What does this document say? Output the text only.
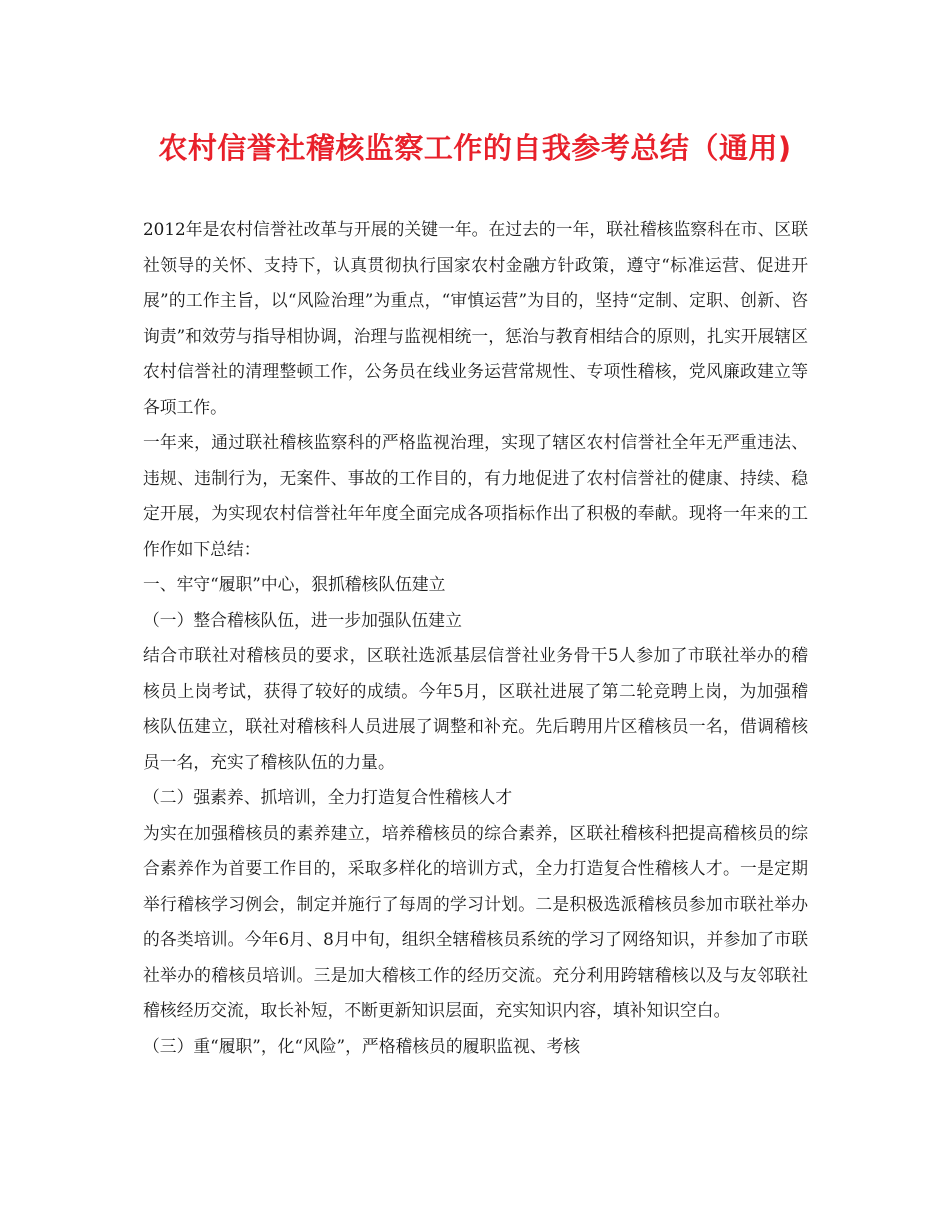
农村信誉社稽核监察工作的自我参考总结（通用)

2012年是农村信誉社改革与开展的关键一年。在过去的一年，联社稽核监察科在市、区联社领导的关怀、支持下，认真贯彻执行国家农村金融方针政策，遵守“标准运营、促进开展”的工作主旨，以“风险治理”为重点，“审慎运营”为目的，坚持“定制、定职、创新、咨询责”和效劳与指导相协调，治理与监视相统一，惩治与教育相结合的原则，扎实开展辖区农村信誉社的清理整顿工作，公务员在线业务运营常规性、专项性稽核，党风廉政建立等各项工作。

一年来，通过联社稽核监察科的严格监视治理，实现了辖区农村信誉社全年无严重违法、违规、违制行为，无案件、事故的工作目的，有力地促进了农村信誉社的健康、持续、稳定开展，为实现农村信誉社年年度全面完成各项指标作出了积极的奉献。现将一年来的工作作如下总结：

一、牢守“履职”中心，狠抓稽核队伍建立

（一）整合稽核队伍，进一步加强队伍建立

结合市联社对稽核员的要求，区联社选派基层信誉社业务骨干5人参加了市联社举办的稽核员上岗考试，获得了较好的成绩。今年5月，区联社进展了第二轮竞聘上岗，为加强稽核队伍建立，联社对稽核科人员进展了调整和补充。先后聘用片区稽核员一名，借调稽核员一名，充实了稽核队伍的力量。

（二）强素养、抓培训，全力打造复合性稽核人才

为实在加强稽核员的素养建立，培养稽核员的综合素养，区联社稽核科把提高稽核员的综合素养作为首要工作目的，采取多样化的培训方式，全力打造复合性稽核人才。一是定期举行稽核学习例会，制定并施行了每周的学习计划。二是积极选派稽核员参加市联社举办的各类培训。今年6月、8月中旬，组织全辖稽核员系统的学习了网络知识，并参加了市联社举办的稽核员培训。三是加大稽核工作的经历交流。充分利用跨辖稽核以及与友邻联社稽核经历交流，取长补短，不断更新知识层面，充实知识内容，填补知识空白。

（三）重“履职”，化“风险”，严格稽核员的履职监视、考核
